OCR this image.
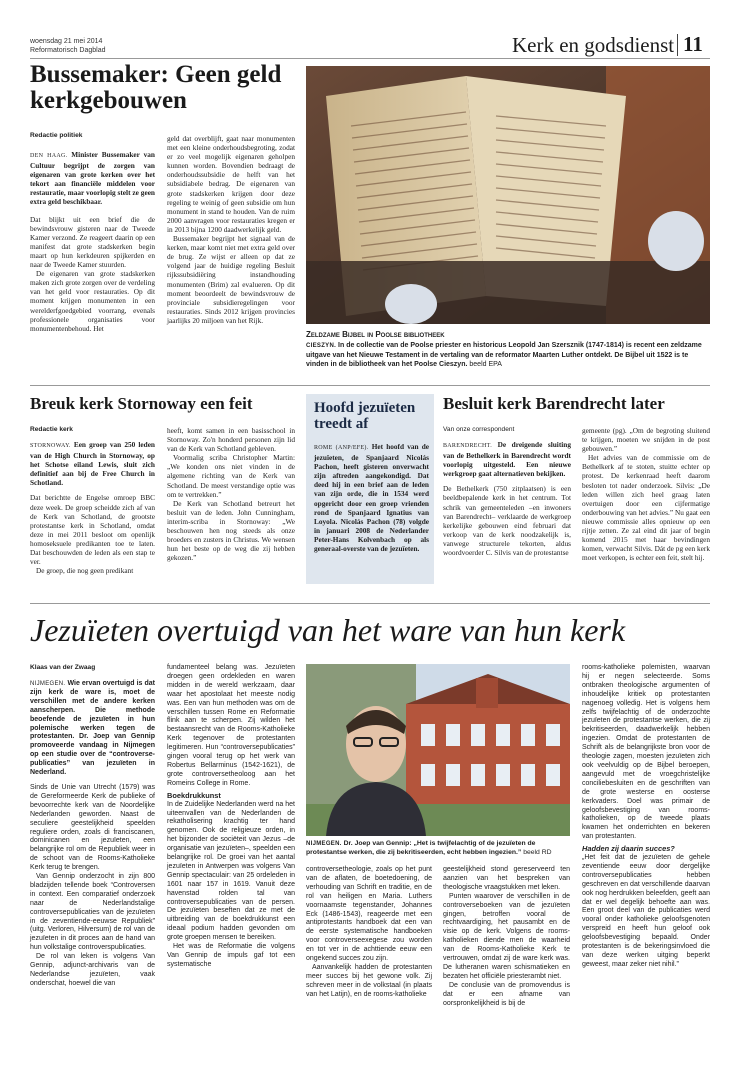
woensdag 21 mei 2014
Reformatorisch Dagblad	Kerk en godsdienst 11
Bussemaker: Geen geld kerkgebouwen
Redactie politiek

DEN HAAG. Minister Bussemaker van Cultuur begrijpt de zorgen van eigenaren van grote kerken over het tekort aan financiële middelen voor restauratie, maar voorlopig stelt ze geen extra geld beschikbaar.

Dat blijkt uit een brief die de bewindsvrouw gisteren naar de Tweede Kamer verzond. Ze reageert daarin op een manifest dat grote stadskerken begin maart op hun kerkdeuren spijkerden en naar de Tweede Kamer stuurden.

De eigenaren van grote stadskerken maken zich grote zorgen over de verdeling van het geld voor restauraties. Op dit moment krijgen monumenten in een werelderfgoedgebied voorrang, evenals professionele organisaties voor monumentenbehoud. Het

geld dat overblijft, gaat naar monumenten met een kleine onderhoudsbegroting, zodat er zo veel mogelijk eigenaren geholpen kunnen worden. Bovendien bedraagt de onderhoudssubsidie de helft van het subsidiabele bedrag. De eigenaren van grote stadskerken krijgen door deze regeling te weinig of geen subsidie om hun monument in stand te houden. Van de ruim 2000 aanvragen voor restauraties kregen er in 2013 bijna 1200 daadwerkelijk geld.

Bussemaker begrijpt het signaal van de kerken, maar komt niet met extra geld over de brug. Ze wijst er alleen op dat ze volgend jaar de huidige regeling Besluit rijkssubsidiëring instandhouding monumenten (Brim) zal evalueren. Op dit moment beoordeelt de bewindsvrouw de provinciale subsidieregelingen voor restauraties. Sinds 2012 krijgen provincies jaarlijks 20 miljoen van het Rijk.

Zeldzame Bijbel in Poolse bibliotheek
CIESZYN. In de collectie van de Poolse priester en historicus Leopold Jan Szersznik (1747-1814) is recent een zeldzame uitgave van het Nieuwe Testament in de vertaling van de reformator Maarten Luther ontdekt. De Bijbel uit 1522 is te vinden in de bibliotheek van het Poolse Cieszyn. beeld EPA
Breuk kerk Stornoway een feit
Redactie kerk

STORNOWAY. Een groep van 250 leden van de High Church in Stornoway, op het Schotse eiland Lewis, sluit zich definitief aan bij de Free Church in Schotland.

Dat berichtte de Engelse omroep BBC deze week. De groep scheidde zich af van de Kerk van Schotland, de grootste protestantse kerk in Schotland, omdat deze in mei 2011 besloot om openlijk homoseksuele predikanten toe te laten. Dat beschouwden de leden als een stap te ver.

De groep, die nog geen predikant

heeft, komt samen in een basisschool in Stornoway. Zo'n honderd personen zijn lid van de Kerk van Schotland gebleven.

Voormalig scriba Christopher Martin: „We konden ons niet vinden in de algemene richting van de Kerk van Schotland. De meest verstandige optie was om te vertrekken.”

De Kerk van Schotland betreurt het besluit van de leden. John Cunningham, interim-scriba in Stornoway: „We beschouwen hen nog steeds als onze broeders en zusters in Christus. We wensen hun het beste op de weg die zij hebben gekozen.”

Hoofd jezuïeten treedt af

ROME (ANP/EFE). Het hoofd van de jezuïeten, de Spanjaard Nicolás Pachon, heeft gisteren onverwacht zijn aftreden aangekondigd. Dat deed hij in een brief aan de leden van zijn orde, die in 1534 werd opgericht door een groep vrienden rond de Spanjaard Ignatius van Loyola. Nicolás Pachon (78) volgde in januari 2008 de Nederlander Peter-Hans Kolvenbach op als generaal-overste van de jezuïeten.

Besluit kerk Barendrecht later
Van onze correspondent

BARENDRECHT. De dreigende sluiting van de Bethelkerk in Barendrecht wordt voorlopig uitgesteld. Een nieuwe werkgroep gaat alternatieven bekijken.

De Bethelkerk (750 zitplaatsen) is een beeldbepalende kerk in het centrum. Tot schrik van gemeenteleden –en inwoners van Barendrecht– verklaarde de werkgroep kerkelijke gebouwen eind februari dat verkoop van de kerk noodzakelijk is, vanwege structurele tekorten, aldus woordvoerder C. Silvis van de protestantse

gemeente (pg). „Om de begroting sluitend te krijgen, moeten we snijden in de post gebouwen.”

Het advies van de commissie om de Bethelkerk af te stoten, stuitte echter op protest. De kerkenraad heeft daarom besloten tot nader onderzoek. Silvis: „De leden willen zich heel graag laten overtuigen door een cijfermatige onderbouwing van het advies.” Nu gaat een nieuwe commissie alles opnieuw op een rijtje zetten. Ze zal eind dit jaar of begin komend 2015 met haar bevindingen komen, verwacht Silvis. Dát de pg een kerk moet verkopen, is echter een feit, stelt hij.

Jezuïeten overtuigd van het ware van hun kerk
Klaas van der Zwaag

NIJMEGEN. Wie ervan overtuigd is dat zijn kerk de ware is, moet de verschillen met de andere kerken aanscherpen. Die methode beoefende de jezuïeten in hun polemische werken tegen de protestanten. Dr. Joep van Gennip promoveerde vandaag in Nijmegen op een studie over de “controversepublicaties” van jezuïeten in Nederland.

Sinds de Unie van Utrecht (1579) was de Gereformeerde Kerk de publieke of bevoorrechte kerk van de Noordelijke Nederlanden geworden. Naast de seculiere geestelijkheid speelden reguliere orden, zoals di franciscanen, dominicanen en jezuïeten, een belangrijke rol om de Republiek weer in de schoot van de Rooms-Katholieke Kerk terug te brengen.

Van Gennip onderzocht in zijn 800 bladzijden tellende boek “Controversen in context. Een comparatief onderzoek naar de Nederlandstalige controversepublicaties van de jezuïeten in de zeventiende-eeuwse Republiek” (uitg. Verloren, Hilversum) de rol van de jezuïeten in dit proces aan de hand van hun volkstalige controverspublicaties.

De rol van leken is volgens Van Gennip, adjunct-archivaris van de Nederlandse jezuïeten, vaak onderschat, hoewel die van

fundamenteel belang was. Jezuïeten droegen geen ordekleden en waren midden in de wereld werkzaam, daar waar het apostolaat het meeste nodig was. Een van hun methoden was om de verschillen tussen Rome en Reformatie flink aan te scherpen. Zij wilden het bestaansrecht van de Rooms-Katholieke Kerk tegenover de protestanten legitimeren. Hun “controversepublicaties” gingen vooral terug op het werk van Robertus Bellarminus (1542-1621), de grote controversetheoloog aan het Romeins College in Rome.

Boekdrukkunst

In de Zuidelijke Nederlanden werd na het uiteenvallen van de Nederlanden de rekatholisering krachtig ter hand genomen. Ook de religieuze orden, in het bijzonder de sociëteit van Jezus –de organisatie van jezuïeten–, speelden een belangrijke rol. De groei van het aantal jezuïeten in Antwerpen was volgens Van Gennip spectaculair: van 25 ordeleden in 1601 naar 157 in 1619. Vanuit deze havenstad rolden tal van controversepublicaties van de persen. De jezuïeten beseften dat ze met de uitbreiding van de boekdrukkunst een ideaal podium hadden gevonden om grote groepen mensen te bereiken.

Het was de Reformatie die volgens Van Gennip de impuls gaf tot een systematische

NIJMEGEN. Dr. Joep van Gennip: „Het is twijfelachtig of de jezuïeten de protestantse werken, die zij bekritiseerden, echt hebben ingezien.” beeld RD

controversetheologie, zoals op het punt van de aflaten, de boetedoening, de verhouding van Schrift en traditie, en de rol van heiligen en Maria. Luthers voornaamste tegenstander, Johannes Eck (1486-1543), reageerde met een antiprotestants handboek dat een van de eerste systematische handboeken voor controverseexegese zou worden en tot ver in de achttiende eeuw een ongekend succes zou zijn.

Aanvankelijk hadden de protestanten meer succes bij het gewone volk. Zij schreven meer in de volkstaal (in plaats van het Latijn), en de rooms-katholieke

geestelijkheid stond gereserveerd ten aanzien van het bespreken van theologische vraagstukken met leken.

Punten waarover de verschillen in de controverseboeken van de jezuïeten gingen, betroffen vooral de rechtvaardiging, het pausambt en de visie op de kerk. Volgens de rooms-katholieken diende men de waarheid van de Rooms-Katholieke Kerk te vertrouwen, omdat zij de ware kerk was. De lutheranen waren schismatieken en bezaten het officiële priesterambt niet.

De conclusie van de promovendus is dat er een afname van oorspronkelijkheid is bij de

rooms-katholieke polemisten, waarvan hij er negen selecteerde. Soms ontbraken theologische argumenten of inhoudelijke kritiek op protestanten nagenoeg volledig. Het is volgens hem zelfs twijfelachtig of de onderzochte jezuïeten de protestantse werken, die zij bekritiseerden, daadwerkelijk hebben ingezien. Omdat de protestanten de Schrift als de belangrijkste bron voor de theologie zagen, moesten jezuïeten zich ook veelvuldig op de Bijbel beroepen, aangevuld met de vroegchristelijke conciliebesluiten en de geschriften van de grote westerse en oosterse kerkvaders. Doel was primair de geloofsbevestiging van rooms-katholieken, op de tweede plaats kwamen het onderrichten en bekeren van protestanten.

Hadden zij daarin succes?

„Het feit dat de jezuïeten de gehele zeventiende eeuw door dergelijke controversepublicaties hebben geschreven en dat verschillende daarvan ook nog herdrukken beleefden, geeft aan dat er wel degelijk behoefte aan was. Een groot deel van de publicaties werd vooral onder katholieke geloofsgenoten verspreid en heeft hun geloof ook geloofsbevestiging bepaald. Onder protestanten is de bekeringsinvloed die van deze werken uitging beperkt geweest, maar zeker niet nihil.”
